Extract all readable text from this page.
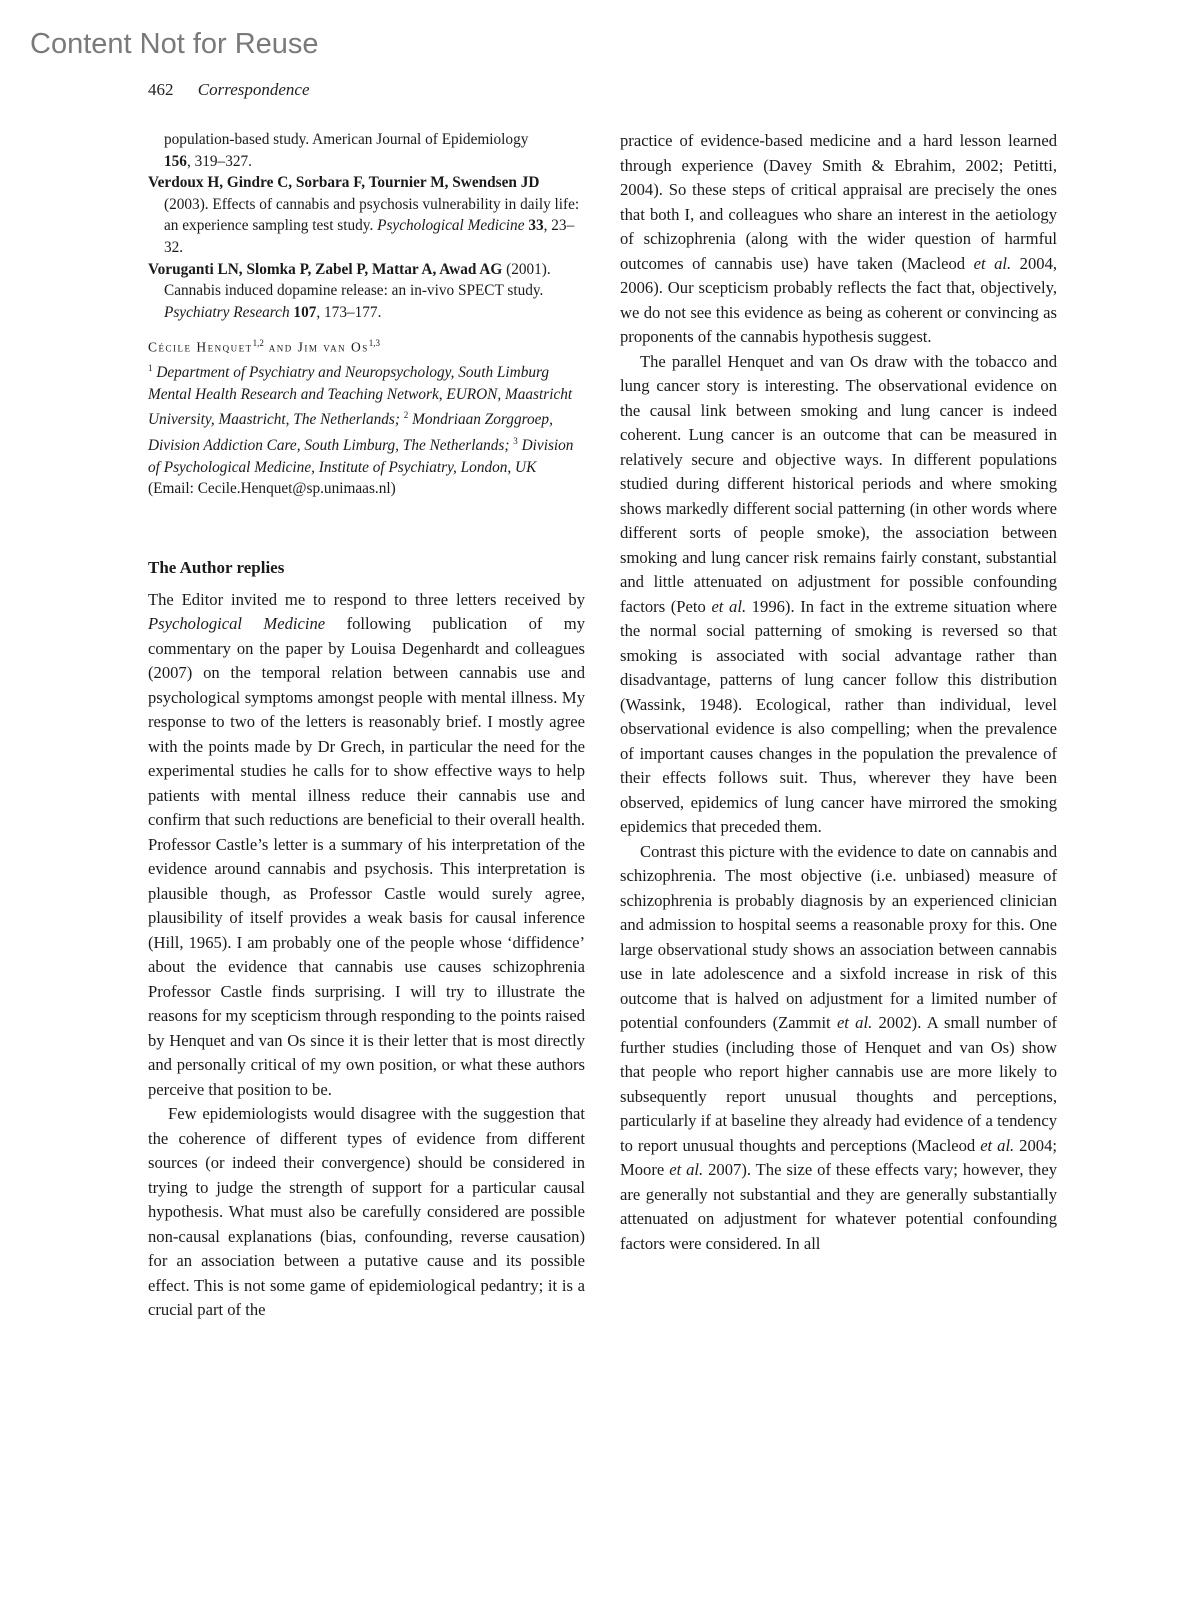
Content Not for Reuse
462 Correspondence

population-based study. American Journal of Epidemiology
156, 319–327.

Verdoux H, Gindre C, Sorbara F, Tournier M, Swendsen JD (2003). Effects of cannabis and psychosis vulnerability in daily life: an experience sampling test study. Psychological Medicine 33, 23–32.

Voruganti LN, Slomka P, Zabel P, Mattar A, Awad AG (2001). Cannabis induced dopamine release: an in-vivo SPECT study. Psychiatry Research 107, 173–177.

Cécile Henquet$^{1,2}$ and Jim van Os$^{1,3}$

$^1$ Department of Psychiatry and Neuropsychology, South Limburg Mental Health Research and Teaching Network, EURON, Maastricht University, Maastricht, The Netherlands; $^2$ Mondriaan Zorggroep, Division Addiction Care, South Limburg, The Netherlands; $^3$ Division of Psychological Medicine, Institute of Psychiatry, London, UK

(Email: Cecile.Henquet@sp.unimaas.nl)

The Author replies

The Editor invited me to respond to three letters received by Psychological Medicine following publication of my commentary on the paper by Louisa Degenhardt and colleagues (2007) on the temporal relation between cannabis use and psychological symptoms amongst people with mental illness. My response to two of the letters is reasonably brief. I mostly agree with the points made by Dr Grech, in particular the need for the experimental studies he calls for to show effective ways to help patients with mental illness reduce their cannabis use and confirm that such reductions are beneficial to their overall health. Professor Castle’s letter is a summary of his interpretation of the evidence around cannabis and psychosis. This interpretation is plausible though, as Professor Castle would surely agree, plausibility of itself provides a weak basis for causal inference (Hill, 1965). I am probably one of the people whose ‘diffidence’ about the evidence that cannabis use causes schizophrenia Professor Castle finds surprising. I will try to illustrate the reasons for my scepticism through responding to the points raised by Henquet and van Os since it is their letter that is most directly and personally critical of my own position, or what these authors perceive that position to be.

Few epidemiologists would disagree with the suggestion that the coherence of different types of evidence from different sources (or indeed their convergence) should be considered in trying to judge the strength of support for a particular causal hypothesis. What must also be carefully considered are possible non-causal explanations (bias, confounding, reverse causation) for an association between a putative cause and its possible effect. This is not some game of epidemiological pedantry; it is a crucial part of the

practice of evidence-based medicine and a hard lesson learned through experience (Davey Smith & Ebrahim, 2002; Petitti, 2004). So these steps of critical appraisal are precisely the ones that both I, and colleagues who share an interest in the aetiology of schizophrenia (along with the wider question of harmful outcomes of cannabis use) have taken (Macleod et al. 2004, 2006). Our scepticism probably reflects the fact that, objectively, we do not see this evidence as being as coherent or convincing as proponents of the cannabis hypothesis suggest.

The parallel Henquet and van Os draw with the tobacco and lung cancer story is interesting. The observational evidence on the causal link between smoking and lung cancer is indeed coherent. Lung cancer is an outcome that can be measured in relatively secure and objective ways. In different populations studied during different historical periods and where smoking shows markedly different social patterning (in other words where different sorts of people smoke), the association between smoking and lung cancer risk remains fairly constant, substantial and little attenuated on adjustment for possible confounding factors (Peto et al. 1996). In fact in the extreme situation where the normal social patterning of smoking is reversed so that smoking is associated with social advantage rather than disadvantage, patterns of lung cancer follow this distribution (Wassink, 1948). Ecological, rather than individual, level observational evidence is also compelling; when the prevalence of important causes changes in the population the prevalence of their effects follows suit. Thus, wherever they have been observed, epidemics of lung cancer have mirrored the smoking epidemics that preceded them.

Contrast this picture with the evidence to date on cannabis and schizophrenia. The most objective (i.e. unbiased) measure of schizophrenia is probably diagnosis by an experienced clinician and admission to hospital seems a reasonable proxy for this. One large observational study shows an association between cannabis use in late adolescence and a sixfold increase in risk of this outcome that is halved on adjustment for a limited number of potential confounders (Zammit et al. 2002). A small number of further studies (including those of Henquet and van Os) show that people who report higher cannabis use are more likely to subsequently report unusual thoughts and perceptions, particularly if at baseline they already had evidence of a tendency to report unusual thoughts and perceptions (Macleod et al. 2004; Moore et al. 2007). The size of these effects vary; however, they are generally not substantial and they are generally substantially attenuated on adjustment for whatever potential confounding factors were considered. In all
